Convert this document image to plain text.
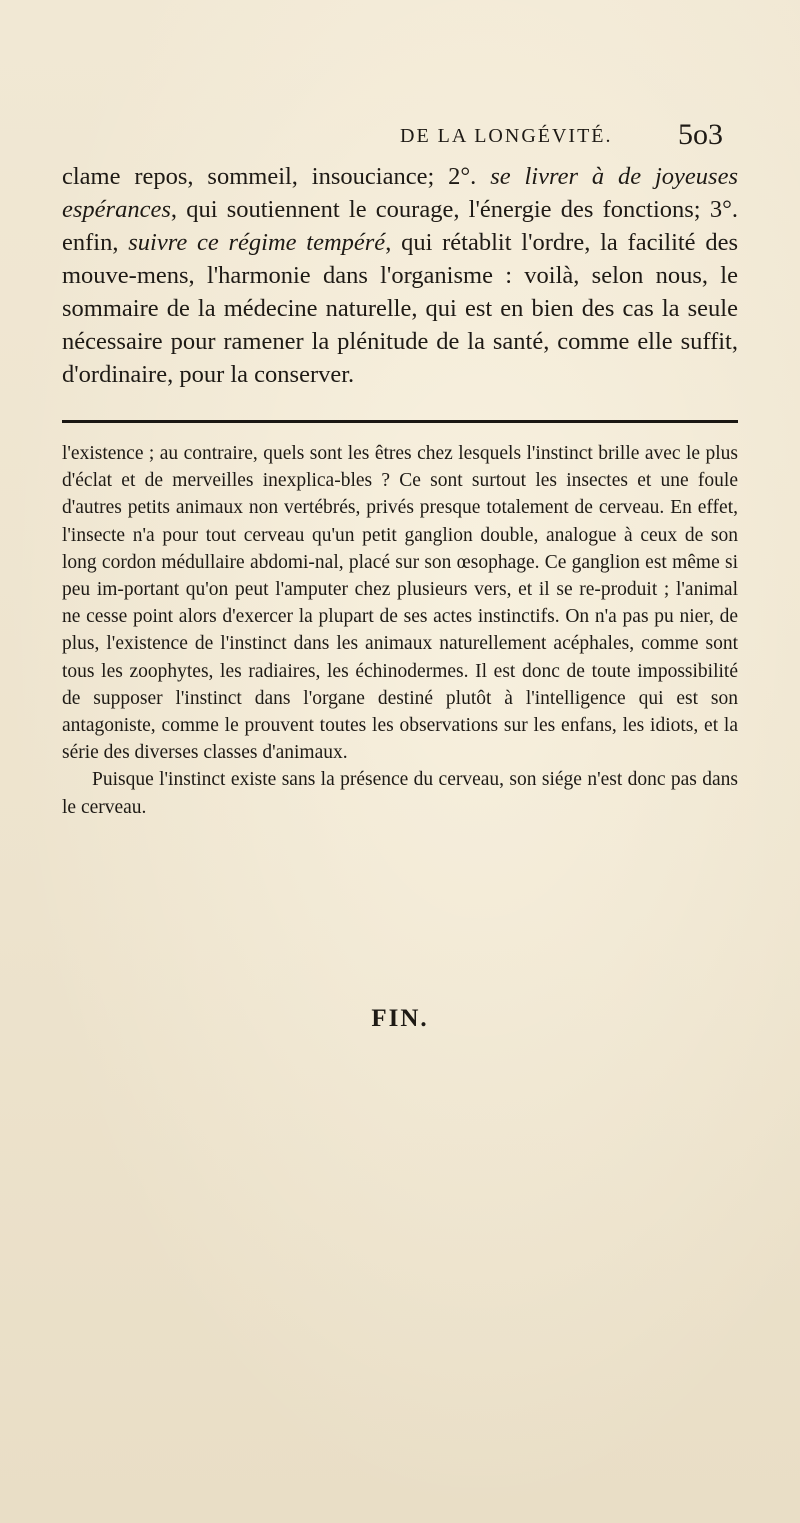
DE LA LONGÉVITÉ. 5o3

clame repos, sommeil, insouciance; 2°. se livrer à de joyeuses espérances, qui soutiennent le courage, l'énergie des fonctions; 3°. enfin, suivre ce régime tempéré, qui rétablit l'ordre, la facilité des mouve-mens, l'harmonie dans l'organisme : voilà, selon nous, le sommaire de la médecine naturelle, qui est en bien des cas la seule nécessaire pour ramener la plénitude de la santé, comme elle suffit, d'ordinaire, pour la conserver.

l'existence ; au contraire, quels sont les êtres chez lesquels l'instinct brille avec le plus d'éclat et de merveilles inexplica-bles ? Ce sont surtout les insectes et une foule d'autres petits animaux non vertébrés, privés presque totalement de cerveau. En effet, l'insecte n'a pour tout cerveau qu'un petit ganglion double, analogue à ceux de son long cordon médullaire abdomi-nal, placé sur son œsophage. Ce ganglion est même si peu im-portant qu'on peut l'amputer chez plusieurs vers, et il se re-produit ; l'animal ne cesse point alors d'exercer la plupart de ses actes instinctifs. On n'a pas pu nier, de plus, l'existence de l'instinct dans les animaux naturellement acéphales, comme sont tous les zoophytes, les radiaires, les échinodermes. Il est donc de toute impossibilité de supposer l'instinct dans l'organe destiné plutôt à l'intelligence qui est son antagoniste, comme le prouvent toutes les observations sur les enfans, les idiots, et la série des diverses classes d'animaux.

Puisque l'instinct existe sans la présence du cerveau, son siége n'est donc pas dans le cerveau.

FIN.
